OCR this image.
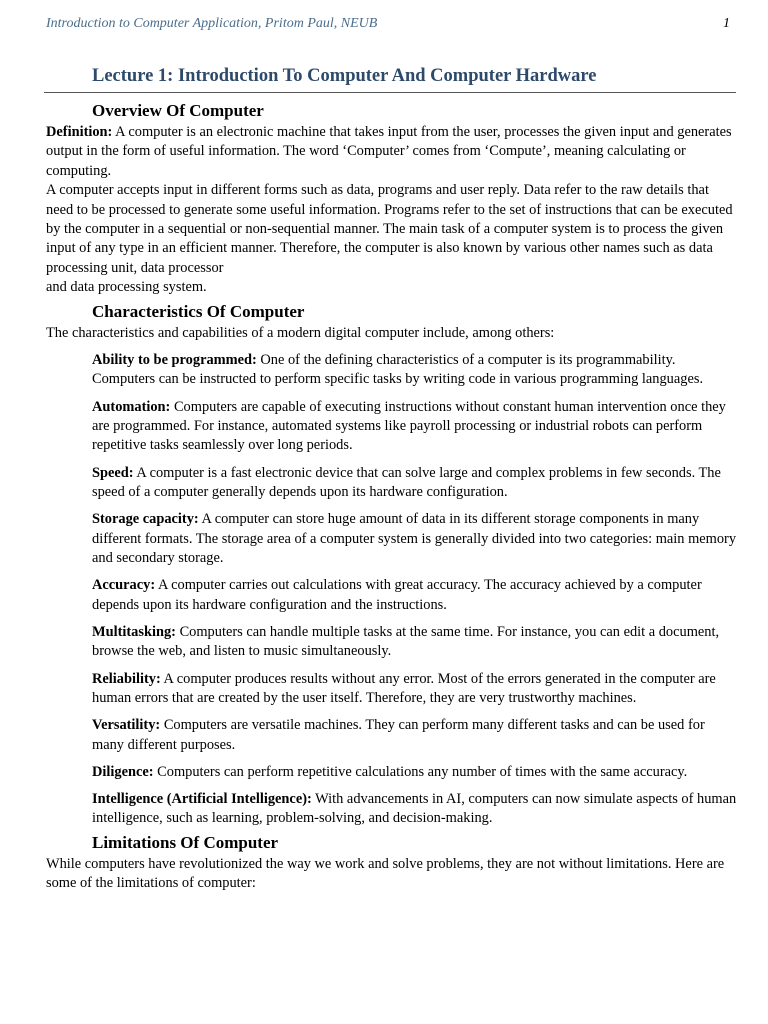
Introduction to Computer Application, Pritom Paul, NEUB	1
Lecture 1: Introduction To Computer And Computer Hardware
Overview Of Computer

Definition: A computer is an electronic machine that takes input from the user, processes the given input and generates output in the form of useful information. The word ‘Computer’ comes from ‘Compute’, meaning calculating or computing.

A computer accepts input in different forms such as data, programs and user reply. Data refer to the raw details that need to be processed to generate some useful information. Programs refer to the set of instructions that can be executed by the computer in a sequential or non-sequential manner. The main task of a computer system is to process the given input of any type in an efficient manner. Therefore, the computer is also known by various other names such as data processing unit, data processor

and data processing system.

Characteristics Of Computer

The characteristics and capabilities of a modern digital computer include, among others:

Ability to be programmed: One of the defining characteristics of a computer is its programmability. Computers can be instructed to perform specific tasks by writing code in various programming languages.
Automation: Computers are capable of executing instructions without constant human intervention once they are programmed. For instance, automated systems like payroll processing or industrial robots can perform repetitive tasks seamlessly over long periods.
Speed: A computer is a fast electronic device that can solve large and complex problems in few seconds. The speed of a computer generally depends upon its hardware configuration.
Storage capacity: A computer can store huge amount of data in its different storage components in many different formats. The storage area of a computer system is generally divided into two categories: main memory and secondary storage.
Accuracy: A computer carries out calculations with great accuracy. The accuracy achieved by a computer depends upon its hardware configuration and the instructions.
Multitasking: Computers can handle multiple tasks at the same time. For instance, you can edit a document, browse the web, and listen to music simultaneously.
Reliability: A computer produces results without any error. Most of the errors generated in the computer are human errors that are created by the user itself. Therefore, they are very trustworthy machines.
Versatility: Computers are versatile machines. They can perform many different tasks and can be used for many different purposes.
Diligence: Computers can perform repetitive calculations any number of times with the same accuracy.
Intelligence (Artificial Intelligence): With advancements in AI, computers can now simulate aspects of human intelligence, such as learning, problem-solving, and decision-making.
Limitations Of Computer

While computers have revolutionized the way we work and solve problems, they are not without limitations. Here are some of the limitations of computer:
